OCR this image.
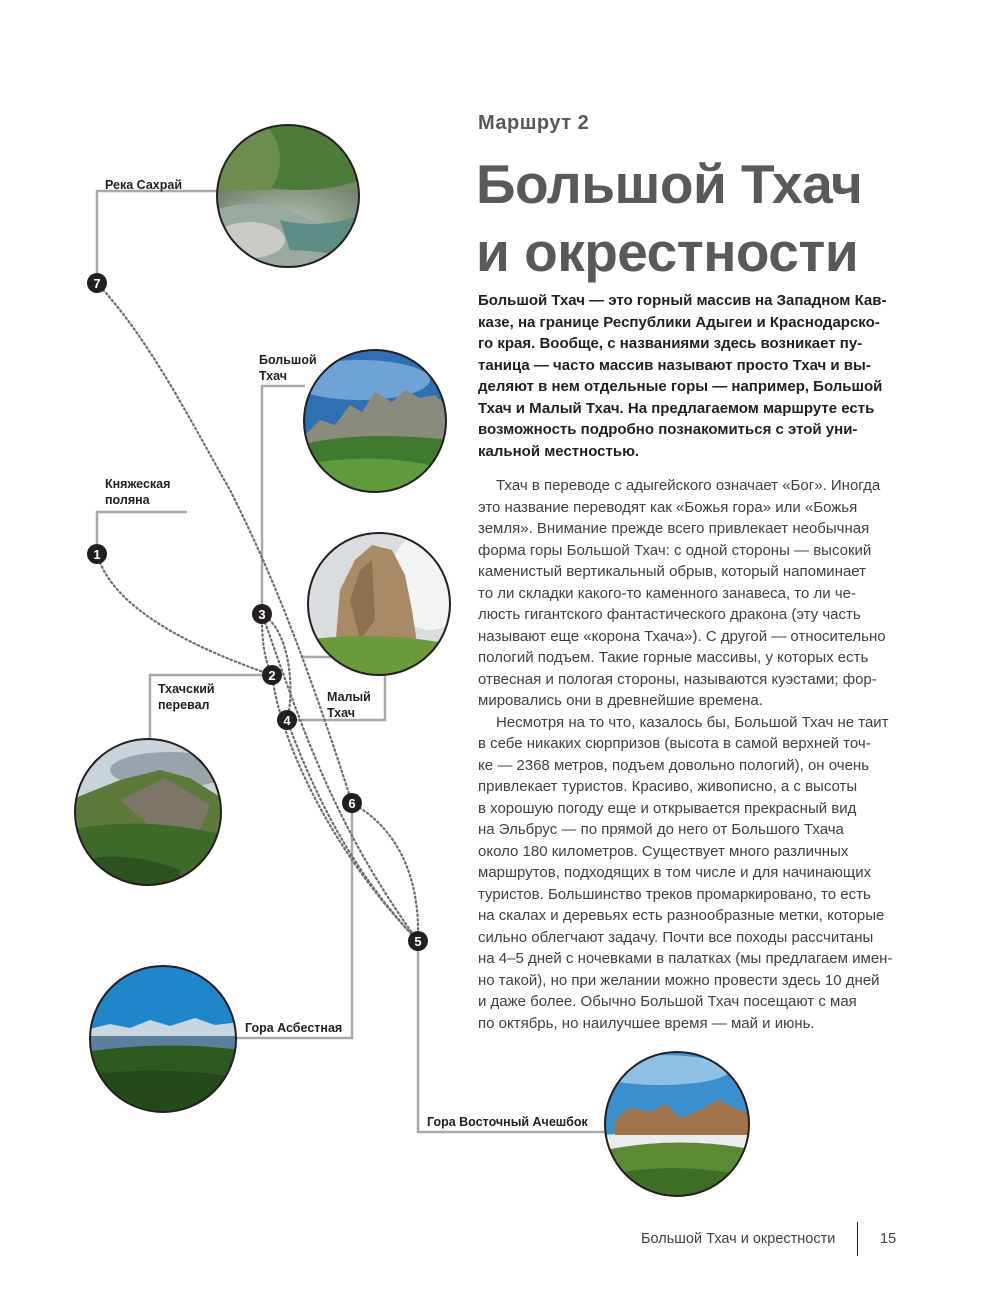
7
1
3
2
4
6
5
Река Сахрай
Большой
Тхач
Княжеская
поляна
Тхачский
перевал
Малый
Тхач
Гора Асбестная
Гора Восточный Ачешбок
Маршрут 2
Большой Тхач
и окрестности
Большой Тхач — это горный массив на Западном Кав-
казе, на границе Республики Адыгеи и Краснодарско-
го края. Вообще, с названиями здесь возникает пу-
таница — часто массив называют просто Тхач и вы-
деляют в нем отдельные горы — например, Большой
Тхач и Малый Тхач. На предлагаемом маршруте есть
возможность подробно познакомиться с этой уни-
кальной местностью.
Тхач в переводе с адыгейского означает «Бог». Иногда
это название переводят как «Божья гора» или «Божья
земля». Внимание прежде всего привлекает необычная
форма горы Большой Тхач: с одной стороны — высокий
каменистый вертикальный обрыв, который напоминает
то ли складки какого-то каменного занавеса, то ли че-
люсть гигантского фантастического дракона (эту часть
называют еще «корона Тхача»). С другой — относительно
пологий подъем. Такие горные массивы, у которых есть
отвесная и пологая стороны, называются куэстами; фор-
мировались они в древнейшие времена.
Несмотря на то что, казалось бы, Большой Тхач не таит
в себе никаких сюрпризов (высота в самой верхней точ-
ке — 2368 метров, подъем довольно пологий), он очень
привлекает туристов. Красиво, живописно, а с высоты
в хорошую погоду еще и открывается прекрасный вид
на Эльбрус — по прямой до него от Большого Тхача
около 180 километров. Существует много различных
маршрутов, подходящих в том числе и для начинающих
туристов. Большинство треков промаркировано, то есть
на скалах и деревьях есть разнообразные метки, которые
сильно облегчают задачу. Почти все походы рассчитаны
на 4–5 дней с ночевками в палатках (мы предлагаем имен-
но такой), но при желании можно провести здесь 10 дней
и даже более. Обычно Большой Тхач посещают с мая
по октябрь, но наилучшее время — май и июнь.
Большой Тхач и окрестности	15
